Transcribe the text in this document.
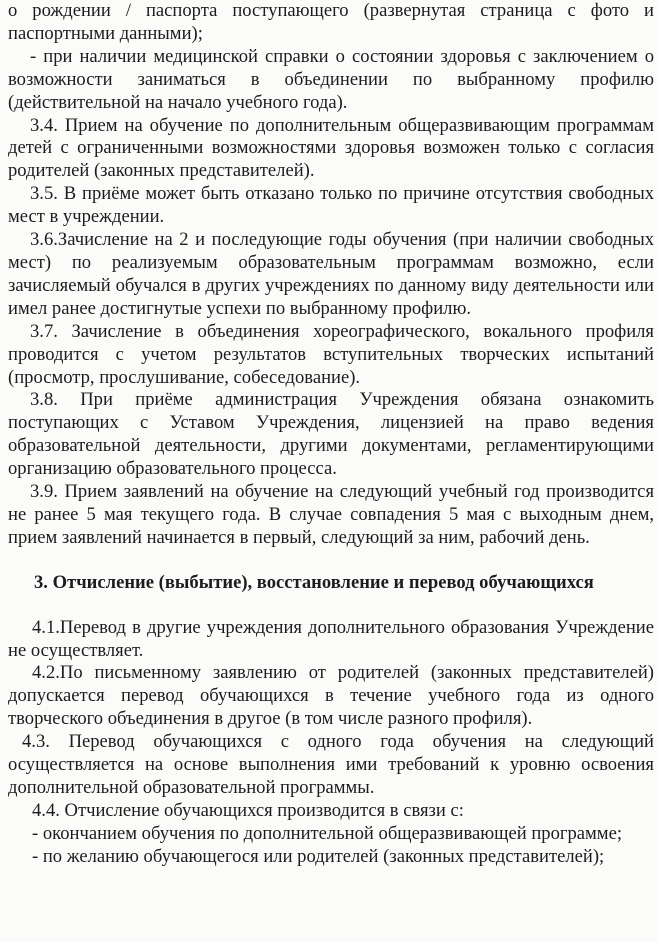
о рождении / паспорта поступающего (развернутая страница с фото и паспортными данными);

- при наличии медицинской справки о состоянии здоровья с заключением о возможности заниматься в объединении по выбранному профилю (действительной на начало учебного года).

3.4. Прием на обучение по дополнительным общеразвивающим программам детей с ограниченными возможностями здоровья возможен только с согласия родителей (законных представителей).

3.5. В приёме может быть отказано только по причине отсутствия свободных мест в учреждении.

3.6.Зачисление на 2 и последующие годы обучения (при наличии свободных мест) по реализуемым образовательным программам возможно, если зачисляемый обучался в других учреждениях по данному виду деятельности или имел ранее достигнутые успехи по выбранному профилю.

3.7. Зачисление в объединения хореографического, вокального профиля проводится с учетом результатов вступительных творческих испытаний (просмотр, прослушивание, собеседование).

3.8. При приёме администрация Учреждения обязана ознакомить поступающих с Уставом Учреждения, лицензией на право ведения образовательной деятельности, другими документами, регламентирующими организацию образовательного процесса.

3.9. Прием заявлений на обучение на следующий учебный год производится не ранее 5 мая текущего года. В случае совпадения 5 мая с выходным днем, прием заявлений начинается в первый, следующий за ним, рабочий день.

3. Отчисление (выбытие), восстановление и перевод обучающихся

4.1.Перевод в другие учреждения дополнительного образования Учреждение не осуществляет.

4.2.По письменному заявлению от родителей (законных представителей) допускается перевод обучающихся в течение учебного года из одного творческого объединения в другое (в том числе разного профиля).

4.3. Перевод обучающихся с одного года обучения на следующий осуществляется на основе выполнения ими требований к уровню освоения дополнительной образовательной программы.

4.4. Отчисление обучающихся производится в связи с:

- окончанием обучения по дополнительной общеразвивающей программе;

- по желанию обучающегося или родителей (законных представителей);
